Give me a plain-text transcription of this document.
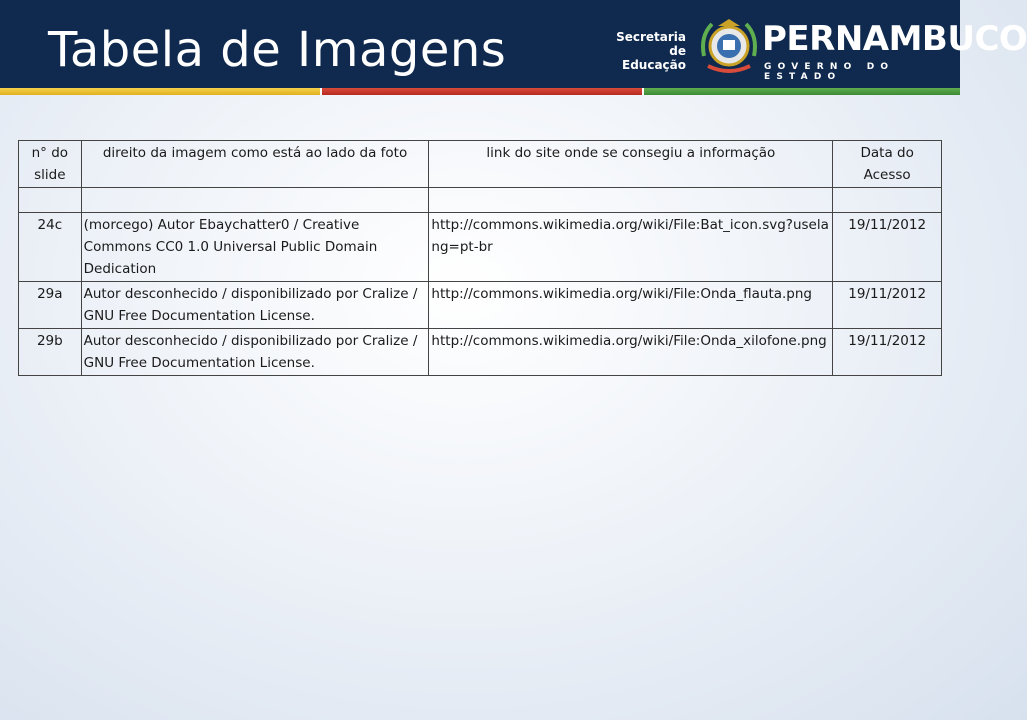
Tabela de Imagens	Secretaria de
Educação
PERNAMBUCO
GOVERNO DO ESTADO
n° do slide	direito da imagem como está ao lado da foto	link do site onde se consegiu a informação	Data do Acesso

24c	(morcego) Autor Ebaychatter0 / Creative Commons CC0 1.0 Universal Public Domain Dedication	http://commons.wikimedia.org/wiki/File:Bat_icon.svg?uselang=pt-br	19/11/2012
29a	Autor desconhecido / disponibilizado por Cralize / GNU Free Documentation License.	http://commons.wikimedia.org/wiki/File:Onda_flauta.png	19/11/2012
29b	Autor desconhecido / disponibilizado por Cralize / GNU Free Documentation License.	http://commons.wikimedia.org/wiki/File:Onda_xilofone.png	19/11/2012
